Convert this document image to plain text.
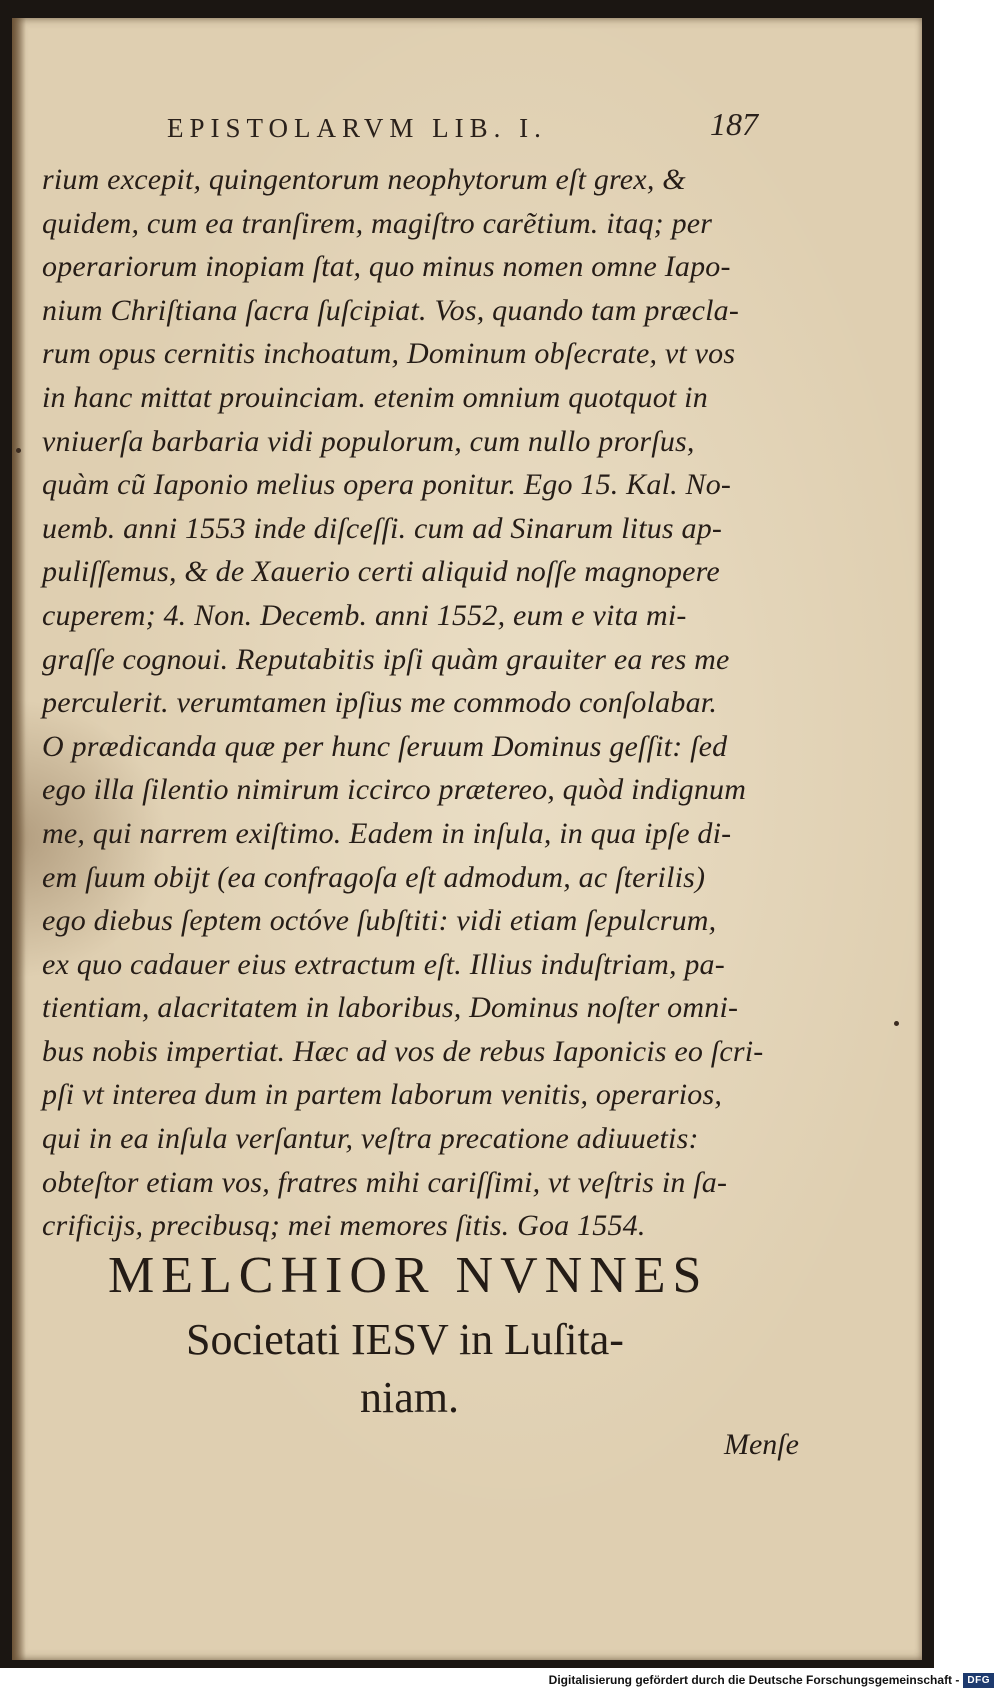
EPISTOLARVM LIB. I.	187
rium excepit, quingentorum neophytorum eſt grex, &
quidem, cum ea tranſirem, magiſtro carẽtium. itaq; per
operariorum inopiam ſtat, quo minus nomen omne Iapo-
nium Chriſtiana ſacra ſuſcipiat. Vos, quando tam præcla-
rum opus cernitis inchoatum, Dominum obſecrate, vt vos
in hanc mittat prouinciam. etenim omnium quotquot in
vniuerſa barbaria vidi populorum, cum nullo prorſus,
quàm cũ Iaponio melius opera ponitur. Ego 15. Kal. No-
uemb. anni 1553 inde diſceſſi. cum ad Sinarum litus ap-
puliſſemus, & de Xauerio certi aliquid noſſe magnopere
cuperem; 4. Non. Decemb. anni 1552, eum e vita mi-
graſſe cognoui. Reputabitis ipſi quàm grauiter ea res me
perculerit. verumtamen ipſius me commodo conſolabar.
O prædicanda quæ per hunc ſeruum Dominus geſſit: ſed
ego illa ſilentio nimirum iccirco prætereo, quòd indignum
me, qui narrem exiſtimo. Eadem in inſula, in qua ipſe di-
em ſuum obijt (ea confragoſa eſt admodum, ac ſterilis)
ego diebus ſeptem octóve ſubſtiti: vidi etiam ſepulcrum,
ex quo cadauer eius extractum eſt. Illius induſtriam, pa-
tientiam, alacritatem in laboribus, Dominus noſter omni-
bus nobis impertiat. Hæc ad vos de rebus Iaponicis eo ſcri-
pſi vt interea dum in partem laborum venitis, operarios,
qui in ea inſula verſantur, veſtra precatione adiuuetis:
obteſtor etiam vos, fratres mihi cariſſimi, vt veſtris in ſa-
crificijs, precibusq; mei memores ſitis. Goa 1554.
MELCHIOR NVNNES
Societati IESV in Luſita-
niam.
Menſe
Digitalisierung gefördert durch die Deutsche Forschungsgemeinschaft - DFG
